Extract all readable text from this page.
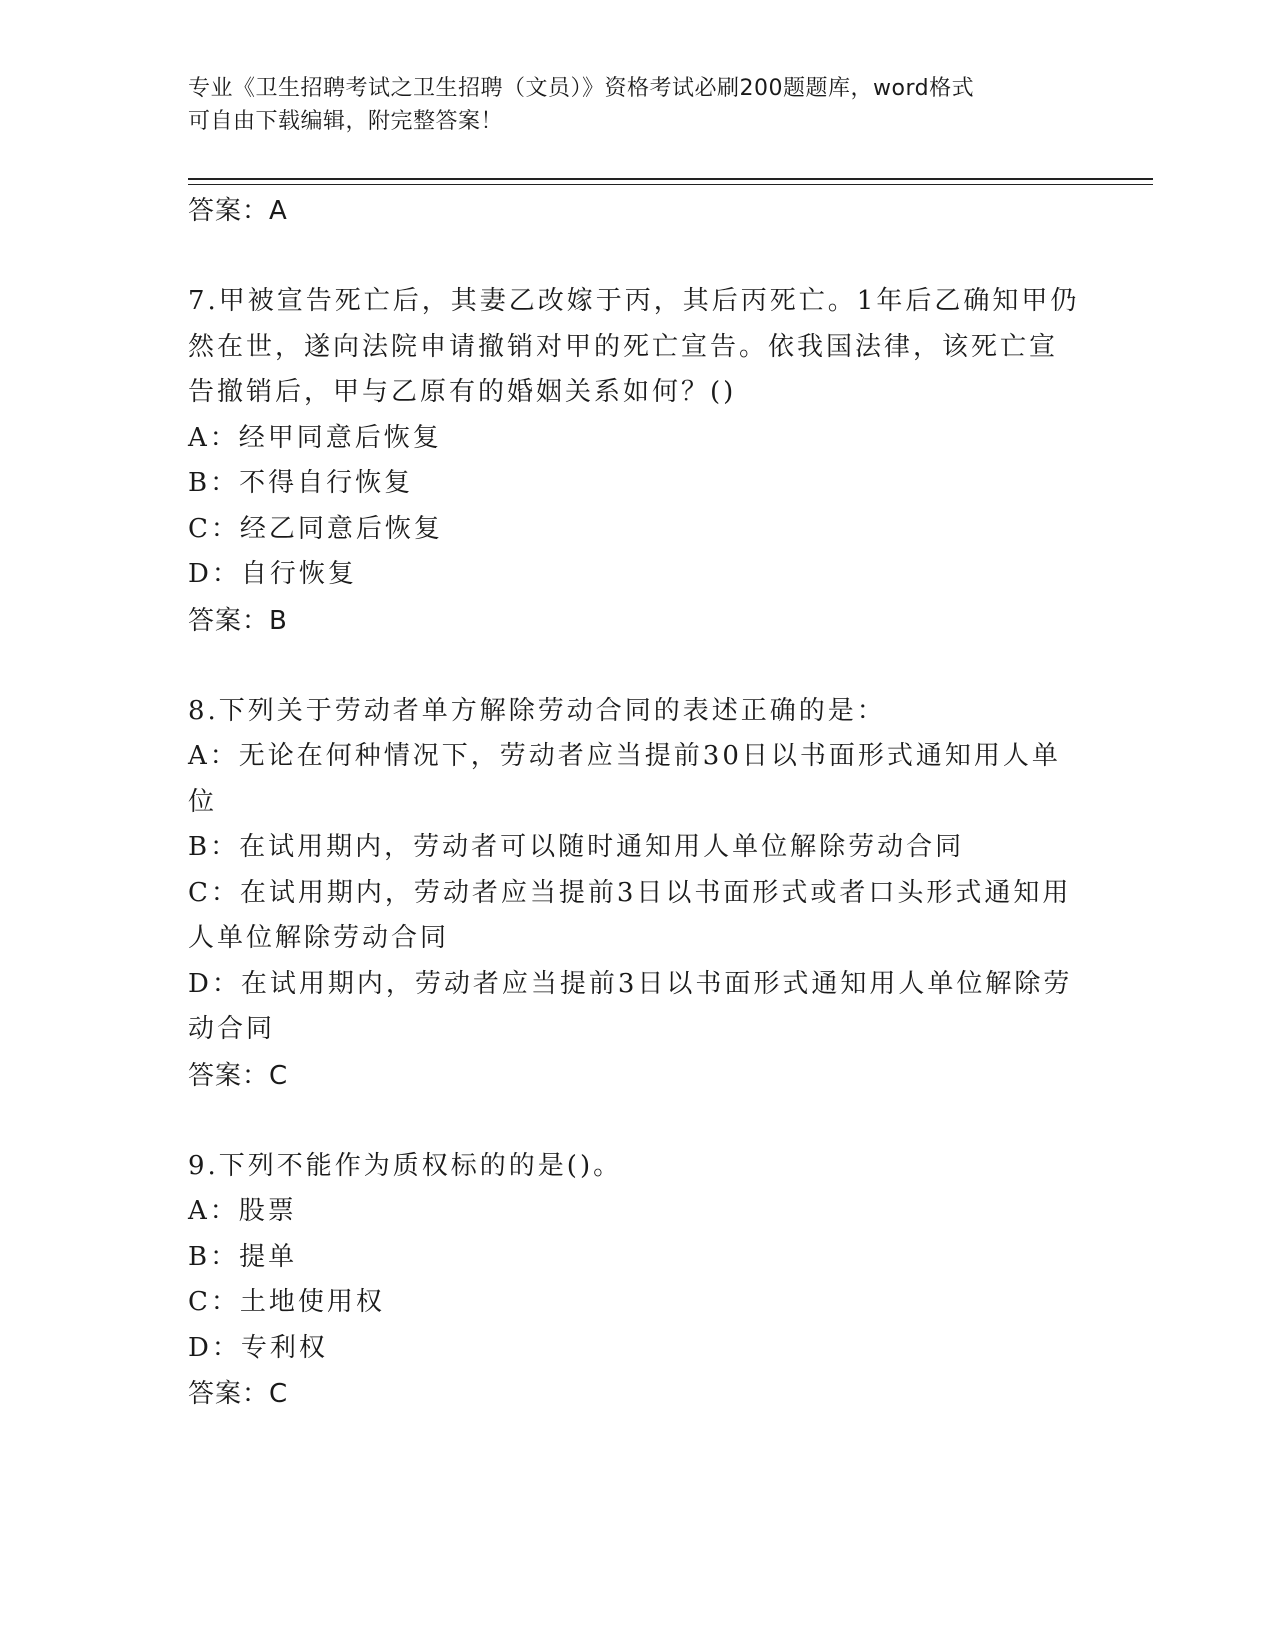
专业《卫生招聘考试之卫生招聘（文员）》资格考试必刷200题题库，word格式
可自由下载编辑，附完整答案！
答案：A
7.甲被宣告死亡后，其妻乙改嫁于丙，其后丙死亡。1年后乙确知甲仍
然在世，遂向法院申请撤销对甲的死亡宣告。依我国法律，该死亡宣
告撤销后，甲与乙原有的婚姻关系如何？()
A：经甲同意后恢复
B：不得自行恢复
C：经乙同意后恢复
D：自行恢复
答案：B
8.下列关于劳动者单方解除劳动合同的表述正确的是：
A：无论在何种情况下，劳动者应当提前30日以书面形式通知用人单
位
B：在试用期内，劳动者可以随时通知用人单位解除劳动合同
C：在试用期内，劳动者应当提前3日以书面形式或者口头形式通知用
人单位解除劳动合同
D：在试用期内，劳动者应当提前3日以书面形式通知用人单位解除劳
动合同
答案：C
9.下列不能作为质权标的的是()。
A：股票
B：提单
C：土地使用权
D：专利权
答案：C
